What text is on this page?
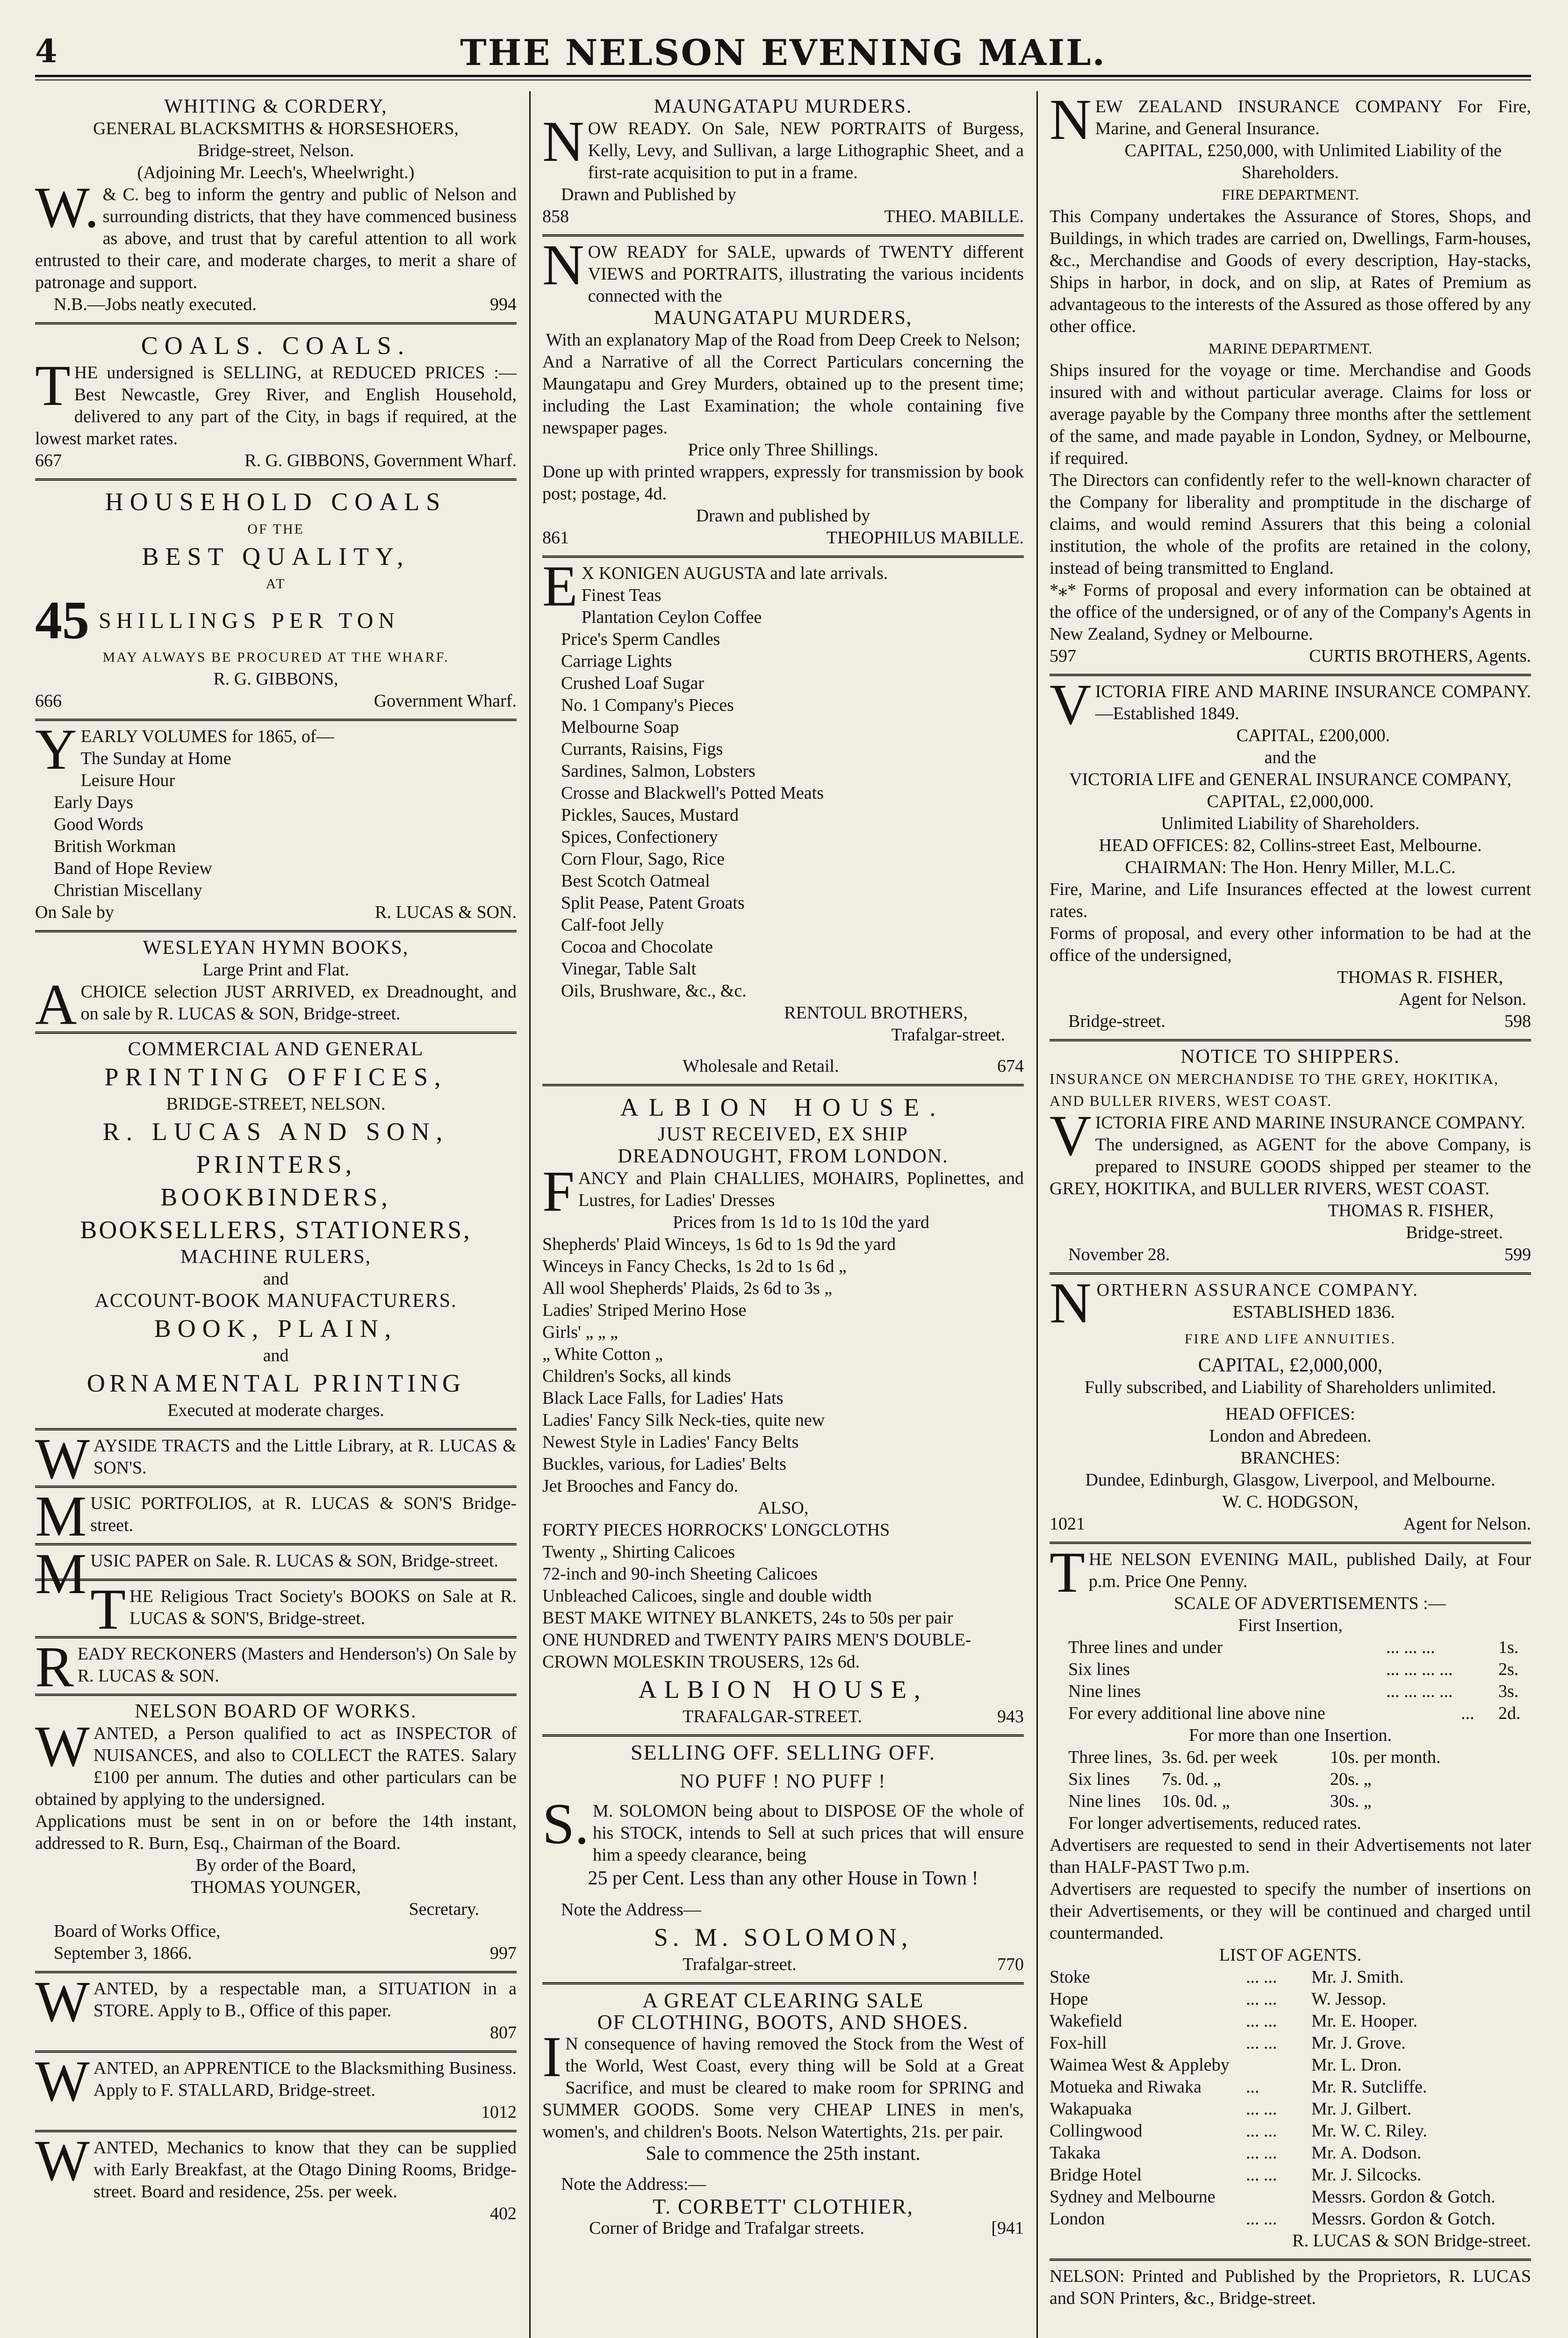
4	THE NELSON EVENING MAIL.
WHITING & CORDERY,
GENERAL BLACKSMITHS & HORSESHOERS,
Bridge-street, Nelson.
(Adjoining Mr. Leech's, Wheelwright.)

W.& C. beg to inform the gentry and public of Nelson and surrounding districts, that they have commenced business as above, and trust that by careful attention to all work entrusted to their care, and moderate charges, to merit a share of patronage and support.

N.B.—Jobs neatly executed.	994
COALS. COALS.

THE undersigned is SELLING, at REDUCED PRICES :— Best Newcastle, Grey River, and English Household, delivered to any part of the City, in bags if required, at the lowest market rates.

667	R. G. GIBBONS, Government Wharf.
HOUSEHOLD COALS
OF THE
BEST QUALITY,
AT
45 SHILLINGS PER TON
MAY ALWAYS BE PROCURED AT THE WHARF.
R. G. GIBBONS,
666	Government Wharf.

YEARLY VOLUMES for 1865, of—

The Sunday at Home
Leisure Hour
Early Days
Good Words
British Workman
Band of Hope Review
Christian Miscellany
On Sale by	R. LUCAS & SON.
WESLEYAN HYMN BOOKS,
Large Print and Flat.

ACHOICE selection JUST ARRIVED, ex Dreadnought, and on sale by R. LUCAS & SON, Bridge-street.

COMMERCIAL AND GENERAL
PRINTING OFFICES,
BRIDGE-STREET, NELSON.
R. LUCAS AND SON,
PRINTERS,
BOOKBINDERS,
BOOKSELLERS, STATIONERS,
MACHINE RULERS,
and
ACCOUNT-BOOK MANUFACTURERS.
BOOK, PLAIN,
and
ORNAMENTAL PRINTING
Executed at moderate charges.

WAYSIDE TRACTS and the Little Library, at R. LUCAS & SON'S.

MUSIC PORTFOLIOS, at R. LUCAS & SON'S Bridge-street.

MUSIC PAPER on Sale. R. LUCAS & SON, Bridge-street.

THE Religious Tract Society's BOOKS on Sale at R. LUCAS & SON'S, Bridge-street.

READY RECKONERS (Masters and Henderson's) On Sale by R. LUCAS & SON.

NELSON BOARD OF WORKS.

WANTED, a Person qualified to act as INSPECTOR of NUISANCES, and also to COLLECT the RATES. Salary £100 per annum. The duties and other particulars can be obtained by applying to the undersigned.

Applications must be sent in on or before the 14th instant, addressed to R. Burn, Esq., Chairman of the Board.

By order of the Board,
THOMAS YOUNGER,
Secretary.
Board of Works Office,
September 3, 1866.	997

WANTED, by a respectable man, a SITUATION in a STORE. Apply to B., Office of this paper.

807

WANTED, an APPRENTICE to the Blacksmithing Business. Apply to F. STALLARD, Bridge-street.

1012

WANTED, Mechanics to know that they can be supplied with Early Breakfast, at the Otago Dining Rooms, Bridge-street. Board and residence, 25s. per week.

402
MAUNGATAPU MURDERS.

NOW READY. On Sale, NEW PORTRAITS of Burgess, Kelly, Levy, and Sullivan, a large Lithographic Sheet, and a first-rate acquisition to put in a frame.

Drawn and Published by
858	THEO. MABILLE.

NOW READY for SALE, upwards of TWENTY different VIEWS and PORTRAITS, illustrating the various incidents connected with the

MAUNGATAPU MURDERS,
With an explanatory Map of the Road from Deep Creek to Nelson;

And a Narrative of all the Correct Particulars concerning the Maungatapu and Grey Murders, obtained up to the present time; including the Last Examination; the whole containing five newspaper pages.

Price only Three Shillings.

Done up with printed wrappers, expressly for transmission by book post; postage, 4d.

Drawn and published by
861	THEOPHILUS MABILLE.

EX KONIGEN AUGUSTA and late arrivals.

Finest Teas
Plantation Ceylon Coffee
Price's Sperm Candles
Carriage Lights
Crushed Loaf Sugar
No. 1 Company's Pieces
Melbourne Soap
Currants, Raisins, Figs
Sardines, Salmon, Lobsters
Crosse and Blackwell's Potted Meats
Pickles, Sauces, Mustard
Spices, Confectionery
Corn Flour, Sago, Rice
Best Scotch Oatmeal
Split Pease, Patent Groats
Calf-foot Jelly
Cocoa and Chocolate
Vinegar, Table Salt
Oils, Brushware, &c., &c.
RENTOUL BROTHERS,
Trafalgar-street.
Wholesale and Retail.	674
ALBION HOUSE.
JUST RECEIVED, EX SHIP
DREADNOUGHT, FROM LONDON.

FANCY and Plain CHALLIES, MOHAIRS, Poplinettes, and Lustres, for Ladies' Dresses

Prices from 1s 1d to 1s 10d the yard
Shepherds' Plaid Winceys, 1s 6d to 1s 9d the yard
Winceys in Fancy Checks, 1s 2d to 1s 6d „
All wool Shepherds' Plaids, 2s 6d to 3s „
Ladies' Striped Merino Hose
Girls' „ „ „
„ White Cotton „
Children's Socks, all kinds
Black Lace Falls, for Ladies' Hats
Ladies' Fancy Silk Neck-ties, quite new
Newest Style in Ladies' Fancy Belts
Buckles, various, for Ladies' Belts
Jet Brooches and Fancy do.
ALSO,
FORTY PIECES HORROCKS' LONGCLOTHS
Twenty „ Shirting Calicoes
72-inch and 90-inch Sheeting Calicoes
Unbleached Calicoes, single and double width
BEST MAKE WITNEY BLANKETS, 24s to 50s per pair
ONE HUNDRED and TWENTY PAIRS MEN'S DOUBLE-CROWN MOLESKIN TROUSERS, 12s 6d.
ALBION HOUSE,
TRAFALGAR-STREET.	943
SELLING OFF. SELLING OFF.
NO PUFF ! NO PUFF !

S.M. SOLOMON being about to DISPOSE OF the whole of his STOCK, intends to Sell at such prices that will ensure him a speedy clearance, being

25 per Cent. Less than any other House in Town !
Note the Address—
S. M. SOLOMON,
Trafalgar-street.	770
A GREAT CLEARING SALE
OF CLOTHING, BOOTS, AND SHOES.

IN consequence of having removed the Stock from the West of the World, West Coast, every thing will be Sold at a Great Sacrifice, and must be cleared to make room for SPRING and SUMMER GOODS. Some very CHEAP LINES in men's, women's, and children's Boots. Nelson Watertights, 21s. per pair.

Sale to commence the 25th instant.
Note the Address:—
T. CORBETT' CLOTHIER,
Corner of Bridge and Trafalgar streets.	[941

NEW ZEALAND INSURANCE COMPANY For Fire, Marine, and General Insurance.

CAPITAL, £250,000, with Unlimited Liability of the Shareholders.
FIRE DEPARTMENT.

This Company undertakes the Assurance of Stores, Shops, and Buildings, in which trades are carried on, Dwellings, Farm-houses, &c., Merchandise and Goods of every description, Hay-stacks, Ships in harbor, in dock, and on slip, at Rates of Premium as advantageous to the interests of the Assured as those offered by any other office.

MARINE DEPARTMENT.

Ships insured for the voyage or time. Merchandise and Goods insured with and without particular average. Claims for loss or average payable by the Company three months after the settlement of the same, and made payable in London, Sydney, or Melbourne, if required.

The Directors can confidently refer to the well-known character of the Company for liberality and promptitude in the discharge of claims, and would remind Assurers that this being a colonial institution, the whole of the profits are retained in the colony, instead of being transmitted to England.

*⁎* Forms of proposal and every information can be obtained at the office of the undersigned, or of any of the Company's Agents in New Zealand, Sydney or Melbourne.

597	CURTIS BROTHERS, Agents.

VICTORIA FIRE AND MARINE INSURANCE COMPANY.—Established 1849.

CAPITAL, £200,000.
and the
VICTORIA LIFE and GENERAL INSURANCE COMPANY,
CAPITAL, £2,000,000.
Unlimited Liability of Shareholders.
HEAD OFFICES: 82, Collins-street East, Melbourne.
CHAIRMAN: The Hon. Henry Miller, M.L.C.

Fire, Marine, and Life Insurances effected at the lowest current rates.

Forms of proposal, and every other information to be had at the office of the undersigned,

THOMAS R. FISHER,
Agent for Nelson.
Bridge-street.	598
NOTICE TO SHIPPERS.
INSURANCE ON MERCHANDISE TO THE GREY, HOKITIKA, AND BULLER RIVERS, WEST COAST.

VICTORIA FIRE AND MARINE INSURANCE COMPANY.

The undersigned, as AGENT for the above Company, is prepared to INSURE GOODS shipped per steamer to the GREY, HOKITIKA, and BULLER RIVERS, WEST COAST.

THOMAS R. FISHER,
Bridge-street.
November 28.	599

NORTHERN ASSURANCE COMPANY.

ESTABLISHED 1836.
FIRE AND LIFE ANNUITIES.
CAPITAL, £2,000,000,
Fully subscribed, and Liability of Shareholders unlimited.
HEAD OFFICES:
London and Abredeen.
BRANCHES:
Dundee, Edinburgh, Glasgow, Liverpool, and Melbourne.
W. C. HODGSON,
1021	Agent for Nelson.

THE NELSON EVENING MAIL, published Daily, at Four p.m. Price One Penny.

SCALE OF ADVERTISEMENTS :—
First Insertion,
Three lines and under	... ... ...	1s.
Six lines	... ... ... ...	2s.
Nine lines	... ... ... ...	3s.
For every additional line above nine	...	2d.
For more than one Insertion.
Three lines, 3s. 6d. per week	10s. per month.
Six lines	7s. 0d. „	20s. „
Nine lines	10s. 0d. „	30s. „
For longer advertisements, reduced rates.

Advertisers are requested to send in their Advertisements not later than HALF-PAST Two p.m.

Advertisers are requested to specify the number of insertions on their Advertisements, or they will be continued and charged until countermanded.

LIST OF AGENTS.
Stoke	... ...	Mr. J. Smith.
Hope	... ...	W. Jessop.
Wakefield	... ...	Mr. E. Hooper.
Fox-hill	... ...	Mr. J. Grove.
Waimea West & Appleby	Mr. L. Dron.
Motueka and Riwaka	...	Mr. R. Sutcliffe.
Wakapuaka	... ...	Mr. J. Gilbert.
Collingwood	... ...	Mr. W. C. Riley.
Takaka	... ...	Mr. A. Dodson.
Bridge Hotel	... ...	Mr. J. Silcocks.
Sydney and Melbourne	Messrs. Gordon & Gotch.
London	... ...	Messrs. Gordon & Gotch.
R. LUCAS & SON Bridge-street.

NELSON: Printed and Published by the Proprietors, R. LUCAS and SON Printers, &c., Bridge-street.
